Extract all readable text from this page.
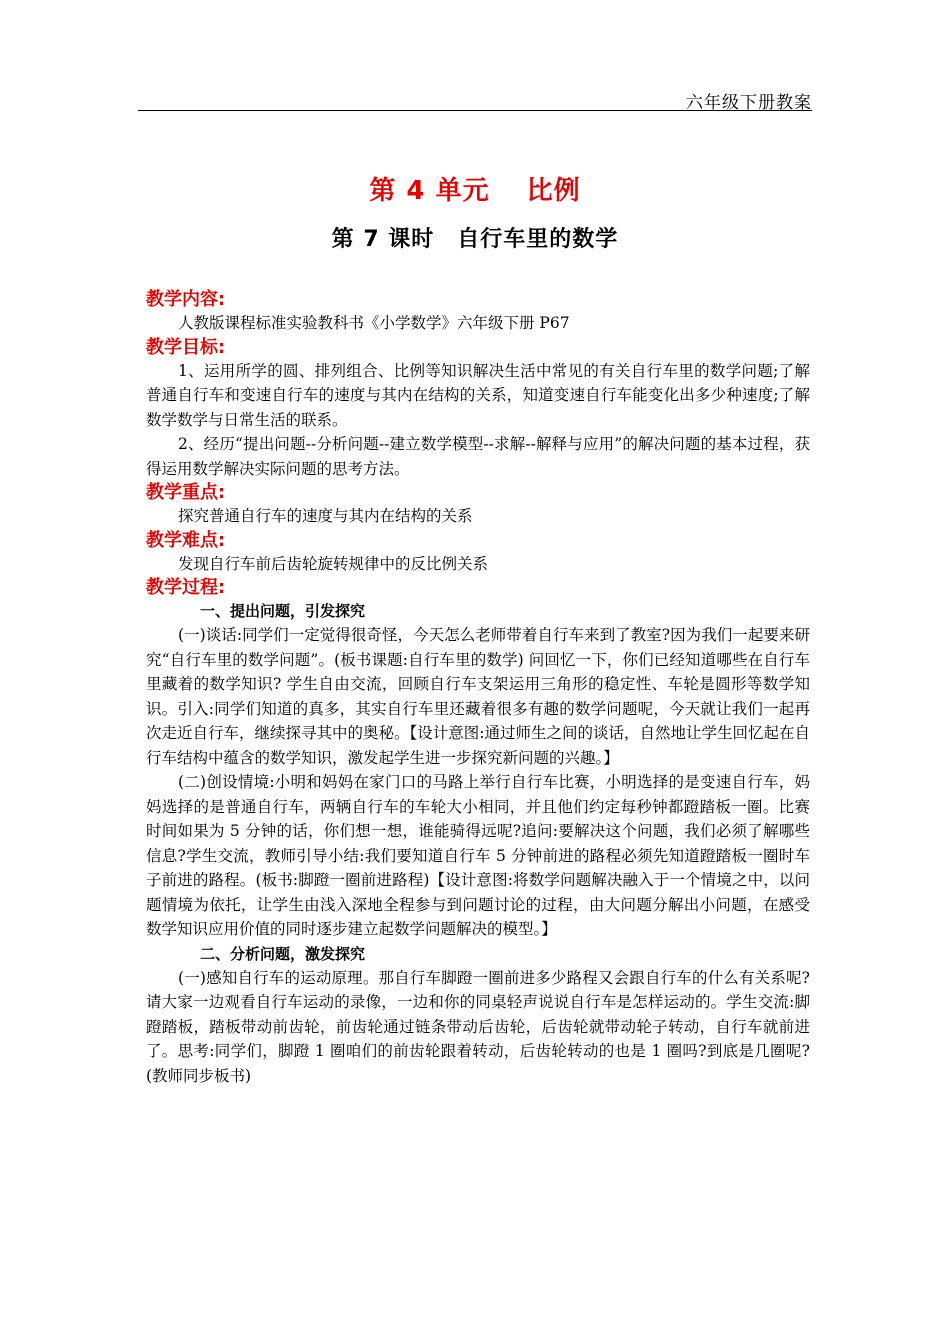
六年级下册教案
第 4 单元　 比例
第 7 课时　自行车里的数学
教学内容:

人教版课程标准实验教科书《小学数学》六年级下册 P67

教学目标:

1、运用所学的圆、排列组合、比例等知识解决生活中常见的有关自行车里的数学问题;了解普通自行车和变速自行车的速度与其内在结构的关系，知道变速自行车能变化出多少种速度;了解数学数学与日常生活的联系。

2、经历“提出问题--分析问题--建立数学模型--求解--解释与应用”的解决问题的基本过程，获得运用数学解决实际问题的思考方法。

教学重点:

探究普通自行车的速度与其内在结构的关系

教学难点:

发现自行车前后齿轮旋转规律中的反比例关系

教学过程:
一、提出问题，引发探究

(一)谈话:同学们一定觉得很奇怪，今天怎么老师带着自行车来到了教室?因为我们一起要来研究“自行车里的数学问题”。(板书课题:自行车里的数学) 问回忆一下，你们已经知道哪些在自行车里藏着的数学知识? 学生自由交流，回顾自行车支架运用三角形的稳定性、车轮是圆形等数学知识。引入:同学们知道的真多，其实自行车里还藏着很多有趣的数学问题呢，今天就让我们一起再次走近自行车，继续探寻其中的奥秘。【设计意图:通过师生之间的谈话，自然地让学生回忆起在自行车结构中蕴含的数学知识，激发起学生进一步探究新问题的兴趣。】

(二)创设情境:小明和妈妈在家门口的马路上举行自行车比赛，小明选择的是变速自行车，妈妈选择的是普通自行车，两辆自行车的车轮大小相同，并且他们约定每秒钟都蹬踏板一圈。比赛时间如果为 5 分钟的话，你们想一想，谁能骑得远呢?追问:要解决这个问题，我们必须了解哪些信息?学生交流，教师引导小结:我们要知道自行车 5 分钟前进的路程必须先知道蹬踏板一圈时车子前进的路程。(板书:脚蹬一圈前进路程)【设计意图:将数学问题解决融入于一个情境之中，以问题情境为依托，让学生由浅入深地全程参与到问题讨论的过程，由大问题分解出小问题，在感受数学知识应用价值的同时逐步建立起数学问题解决的模型。】

二、分析问题，激发探究

(一)感知自行车的运动原理。那自行车脚蹬一圈前进多少路程又会跟自行车的什么有关系呢?请大家一边观看自行车运动的录像，一边和你的同桌轻声说说自行车是怎样运动的。学生交流:脚蹬踏板，踏板带动前齿轮，前齿轮通过链条带动后齿轮，后齿轮就带动轮子转动，自行车就前进了。思考:同学们，脚蹬 1 圈咱们的前齿轮跟着转动，后齿轮转动的也是 1 圈吗?到底是几圈呢?(教师同步板书)
